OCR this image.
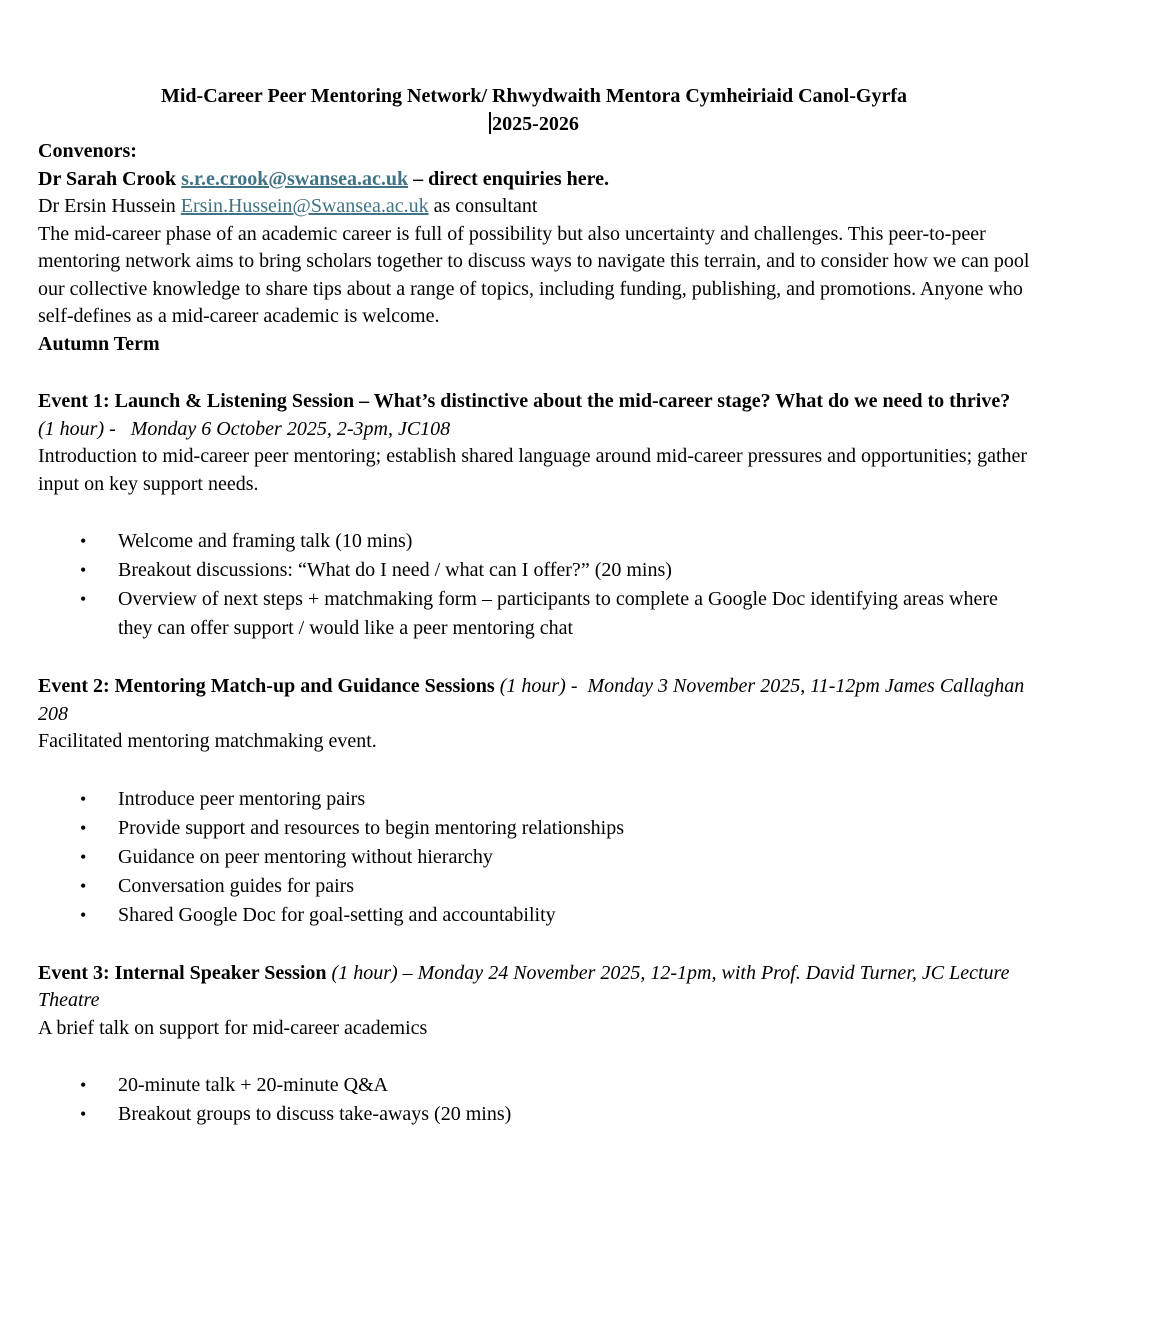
Mid-Career Peer Mentoring Network/ Rhwydwaith Mentora Cymheiriaid Canol-Gyrfa

2025-2026

Convenors:

Dr Sarah Crook s.r.e.crook@swansea.ac.uk – direct enquiries here.

Dr Ersin Hussein Ersin.Hussein@Swansea.ac.uk as consultant

The mid-career phase of an academic career is full of possibility but also uncertainty and challenges. This peer-to-peer mentoring network aims to bring scholars together to discuss ways to navigate this terrain, and to consider how we can pool our collective knowledge to share tips about a range of topics, including funding, publishing, and promotions. Anyone who self-defines as a mid-career academic is welcome.

Autumn Term

Event 1: Launch & Listening Session – What’s distinctive about the mid-career stage? What do we need to thrive? (1 hour) -   Monday 6 October 2025, 2-3pm, JC108
Introduction to mid-career peer mentoring; establish shared language around mid-career pressures and opportunities; gather input on key support needs.
• Welcome and framing talk (10 mins)
• Breakout discussions: “What do I need / what can I offer?” (20 mins)
• Overview of next steps + matchmaking form – participants to complete a Google Doc identifying areas where they can offer support / would like a peer mentoring chat
Event 2: Mentoring Match-up and Guidance Sessions (1 hour) -  Monday 3 November 2025, 11-12pm James Callaghan 208
Facilitated mentoring matchmaking event.
• Introduce peer mentoring pairs
• Provide support and resources to begin mentoring relationships
• Guidance on peer mentoring without hierarchy
• Conversation guides for pairs
• Shared Google Doc for goal-setting and accountability
Event 3: Internal Speaker Session (1 hour) – Monday 24 November 2025, 12-1pm, with Prof. David Turner, JC Lecture Theatre
A brief talk on support for mid-career academics
• 20-minute talk + 20-minute Q&A
• Breakout groups to discuss take-aways (20 mins)
